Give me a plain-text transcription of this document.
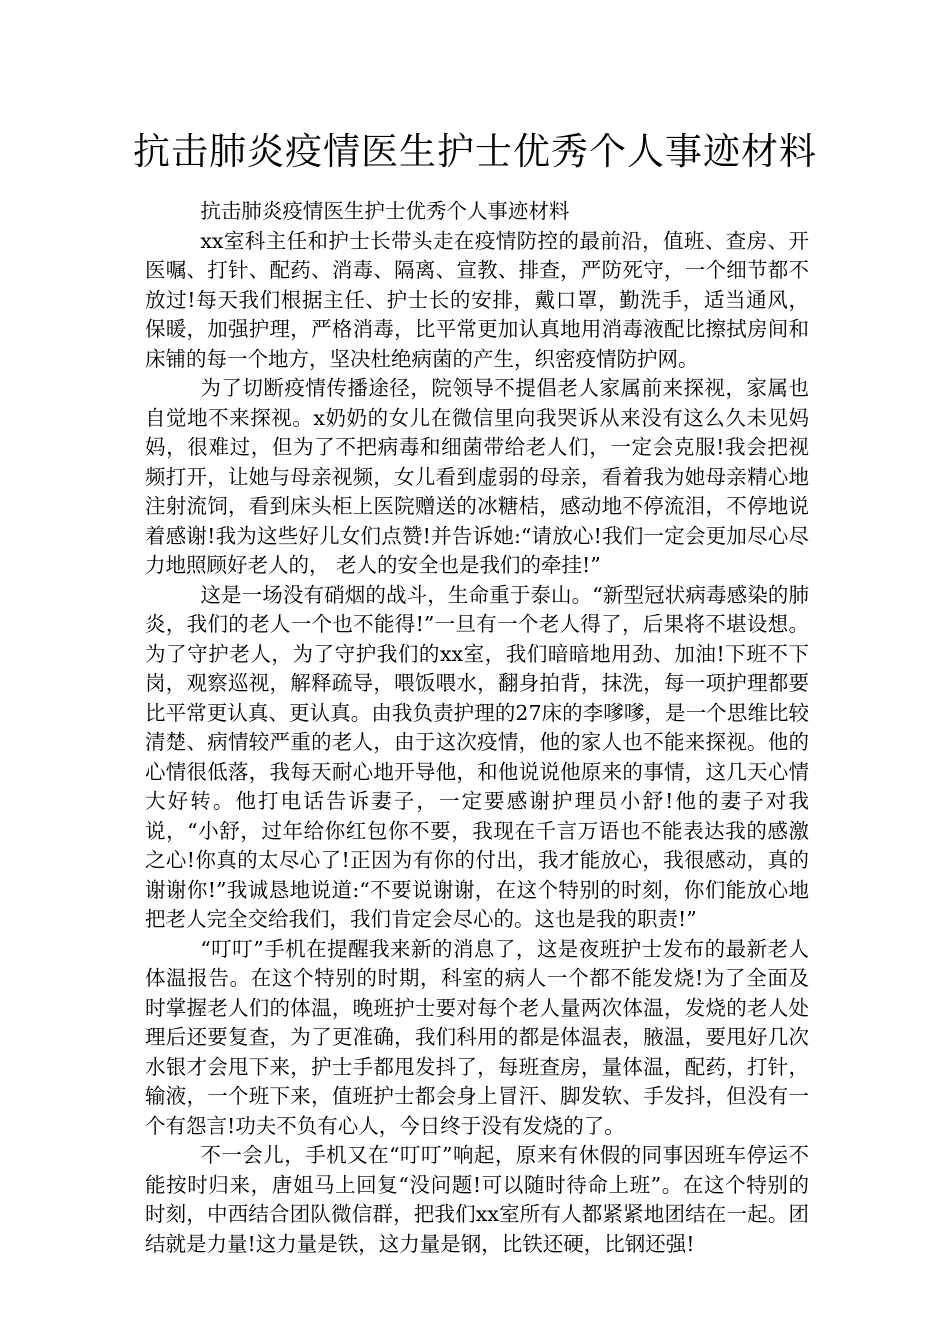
抗击肺炎疫情医生护士优秀个人事迹材料

抗击肺炎疫情医生护士优秀个人事迹材料

xx室科主任和护士长带头走在疫情防控的最前沿，值班、查房、开医嘱、打针、配药、消毒、隔离、宣教、排查，严防死守，一个细节都不放过!每天我们根据主任、护士长的安排，戴口罩，勤洗手，适当通风，保暖，加强护理，严格消毒，比平常更加认真地用消毒液配比擦拭房间和床铺的每一个地方，坚决杜绝病菌的产生，织密疫情防护网。

为了切断疫情传播途径，院领导不提倡老人家属前来探视，家属也自觉地不来探视。x奶奶的女儿在微信里向我哭诉从来没有这么久未见妈妈，很难过，但为了不把病毒和细菌带给老人们，一定会克服!我会把视频打开，让她与母亲视频，女儿看到虚弱的母亲，看着我为她母亲精心地注射流饲，看到床头柜上医院赠送的冰糖桔，感动地不停流泪，不停地说着感谢!我为这些好儿女们点赞!并告诉她:“请放心!我们一定会更加尽心尽力地照顾好老人的， 老人的安全也是我们的牵挂!”

这是一场没有硝烟的战斗，生命重于泰山。“新型冠状病毒感染的肺炎，我们的老人一个也不能得!”一旦有一个老人得了，后果将不堪设想。为了守护老人，为了守护我们的xx室，我们暗暗地用劲、加油!下班不下岗，观察巡视，解释疏导，喂饭喂水，翻身拍背，抹洗，每一项护理都要比平常更认真、更认真。由我负责护理的27床的李嗲嗲，是一个思维比较清楚、病情较严重的老人，由于这次疫情，他的家人也不能来探视。他的心情很低落，我每天耐心地开导他，和他说说他原来的事情，这几天心情大好转。他打电话告诉妻子，一定要感谢护理员小舒!他的妻子对我说，“小舒，过年给你红包你不要，我现在千言万语也不能表达我的感激之心!你真的太尽心了!正因为有你的付出，我才能放心，我很感动，真的谢谢你!”我诚恳地说道:“不要说谢谢，在这个特别的时刻，你们能放心地把老人完全交给我们，我们肯定会尽心的。这也是我的职责!”

“叮叮”手机在提醒我来新的消息了，这是夜班护士发布的最新老人体温报告。在这个特别的时期，科室的病人一个都不能发烧!为了全面及时掌握老人们的体温，晚班护士要对每个老人量两次体温，发烧的老人处理后还要复查，为了更准确，我们科用的都是体温表，腋温，要甩好几次水银才会甩下来，护士手都甩发抖了，每班查房，量体温，配药，打针，输液，一个班下来，值班护士都会身上冒汗、脚发软、手发抖，但没有一个有怨言!功夫不负有心人，今日终于没有发烧的了。

不一会儿，手机又在“叮叮”响起，原来有休假的同事因班车停运不能按时归来，唐姐马上回复“没问题!可以随时待命上班”。在这个特别的时刻，中西结合团队微信群，把我们xx室所有人都紧紧地团结在一起。团结就是力量!这力量是铁，这力量是钢，比铁还硬，比钢还强!
